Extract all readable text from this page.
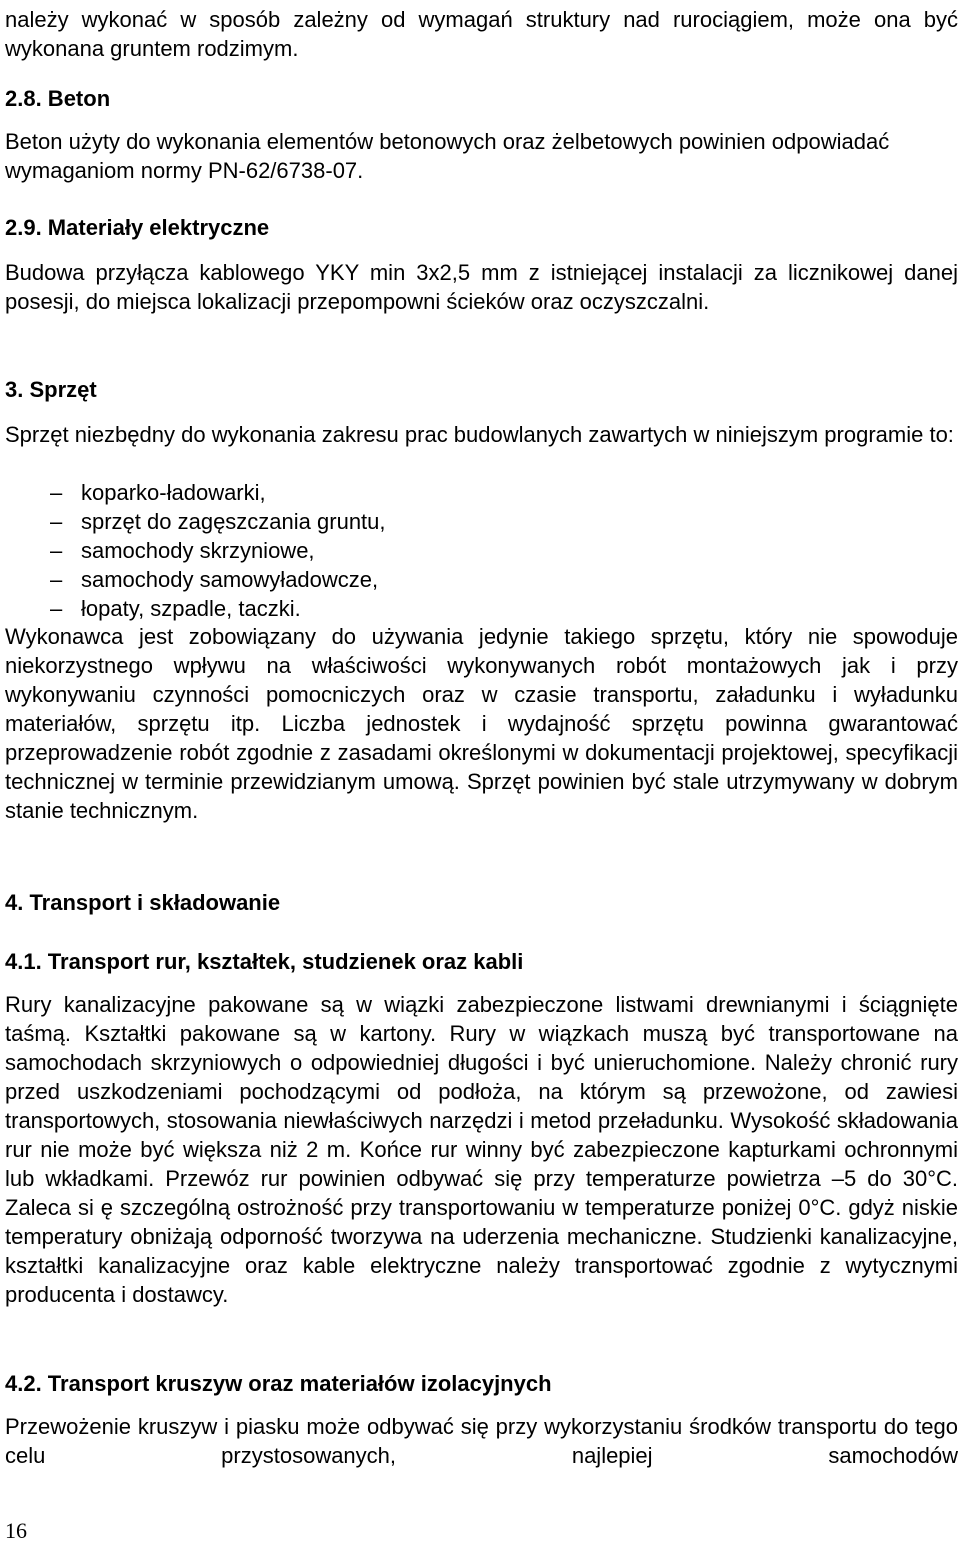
należy wykonać w sposób zależny od wymagań struktury nad rurociągiem, może ona być wykonana gruntem rodzimym.

2.8. Beton

Beton użyty do wykonania elementów betonowych oraz żelbetowych powinien odpowiadać wymaganiom normy PN-62/6738-07.

2.9. Materiały elektryczne

Budowa przyłącza kablowego YKY min 3x2,5 mm z istniejącej instalacji za licznikowej danej posesji, do miejsca lokalizacji przepompowni ścieków oraz oczyszczalni.

3. Sprzęt

Sprzęt niezbędny do wykonania zakresu prac budowlanych zawartych w niniejszym programie to:

– koparko-ładowarki,
– sprzęt do zagęszczania gruntu,
– samochody skrzyniowe,
– samochody samowyładowcze,
– łopaty, szpadle, taczki.

Wykonawca jest zobowiązany do używania jedynie takiego sprzętu, który nie spowoduje niekorzystnego wpływu na właściwości wykonywanych robót montażowych jak i przy wykonywaniu czynności pomocniczych oraz w czasie transportu, załadunku i wyładunku materiałów, sprzętu itp. Liczba jednostek i wydajność sprzętu powinna gwarantować przeprowadzenie robót zgodnie z zasadami określonymi w dokumentacji projektowej, specyfikacji technicznej w terminie przewidzianym umową. Sprzęt powinien być stale utrzymywany w dobrym stanie technicznym.

4. Transport i składowanie
4.1. Transport rur, kształtek, studzienek oraz kabli

Rury kanalizacyjne pakowane są w wiązki zabezpieczone listwami drewnianymi i ściągnięte taśmą. Kształtki pakowane są w kartony. Rury w wiązkach muszą być transportowane na samochodach skrzyniowych o odpowiedniej długości i być unieruchomione. Należy chronić rury przed uszkodzeniami pochodzącymi od podłoża, na którym są przewożone, od zawiesi transportowych, stosowania niewłaściwych narzędzi i metod przeładunku. Wysokość składowania rur nie może być większa niż 2 m. Końce rur winny być zabezpieczone kapturkami ochronnymi lub wkładkami. Przewóz rur powinien odbywać się przy temperaturze powietrza –5 do 30°C. Zaleca si ę szczególną ostrożność przy transportowaniu w temperaturze poniżej 0°C. gdyż niskie temperatury obniżają odporność tworzywa na uderzenia mechaniczne. Studzienki kanalizacyjne, kształtki kanalizacyjne oraz kable elektryczne należy transportować zgodnie z wytycznymi producenta i dostawcy.

4.2. Transport kruszyw oraz materiałów izolacyjnych

Przewożenie kruszyw i piasku może odbywać się przy wykorzystaniu środków transportu do tego celu przystosowanych, najlepiej samochodów

16
